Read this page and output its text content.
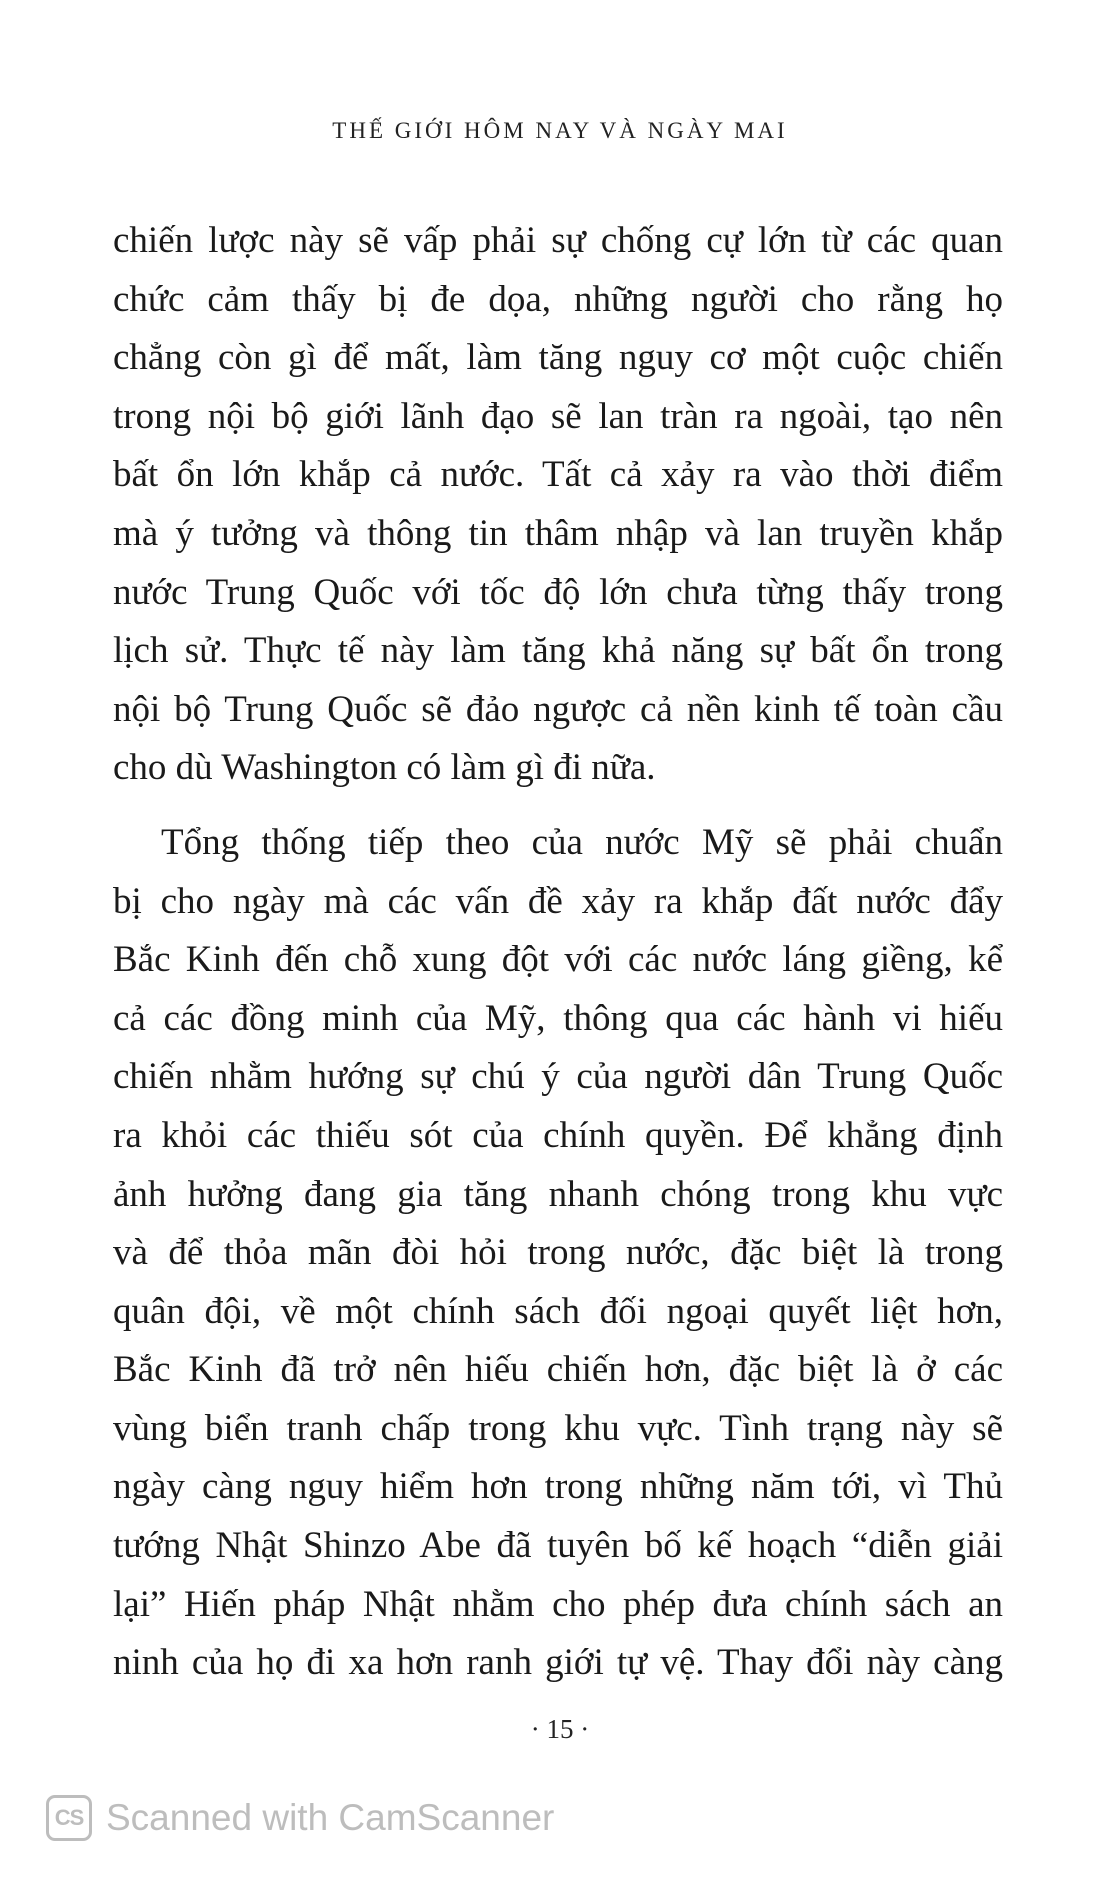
THẾ GIỚI HÔM NAY VÀ NGÀY MAI
chiến lược này sẽ vấp phải sự chống cự lớn từ các quan
chức cảm thấy bị đe dọa, những người cho rằng họ
chẳng còn gì để mất, làm tăng nguy cơ một cuộc chiến
trong nội bộ giới lãnh đạo sẽ lan tràn ra ngoài, tạo nên
bất ổn lớn khắp cả nước. Tất cả xảy ra vào thời điểm
mà ý tưởng và thông tin thâm nhập và lan truyền khắp
nước Trung Quốc với tốc độ lớn chưa từng thấy trong
lịch sử. Thực tế này làm tăng khả năng sự bất ổn trong
nội bộ Trung Quốc sẽ đảo ngược cả nền kinh tế toàn cầu
cho dù Washington có làm gì đi nữa.
Tổng thống tiếp theo của nước Mỹ sẽ phải chuẩn
bị cho ngày mà các vấn đề xảy ra khắp đất nước đẩy
Bắc Kinh đến chỗ xung đột với các nước láng giềng, kể
cả các đồng minh của Mỹ, thông qua các hành vi hiếu
chiến nhằm hướng sự chú ý của người dân Trung Quốc
ra khỏi các thiếu sót của chính quyền. Để khẳng định
ảnh hưởng đang gia tăng nhanh chóng trong khu vực
và để thỏa mãn đòi hỏi trong nước, đặc biệt là trong
quân đội, về một chính sách đối ngoại quyết liệt hơn,
Bắc Kinh đã trở nên hiếu chiến hơn, đặc biệt là ở các
vùng biển tranh chấp trong khu vực. Tình trạng này sẽ
ngày càng nguy hiểm hơn trong những năm tới, vì Thủ
tướng Nhật Shinzo Abe đã tuyên bố kế hoạch “diễn giải
lại” Hiến pháp Nhật nhằm cho phép đưa chính sách an
ninh của họ đi xa hơn ranh giới tự vệ. Thay đổi này càng
· 15 ·
CS Scanned with CamScanner
